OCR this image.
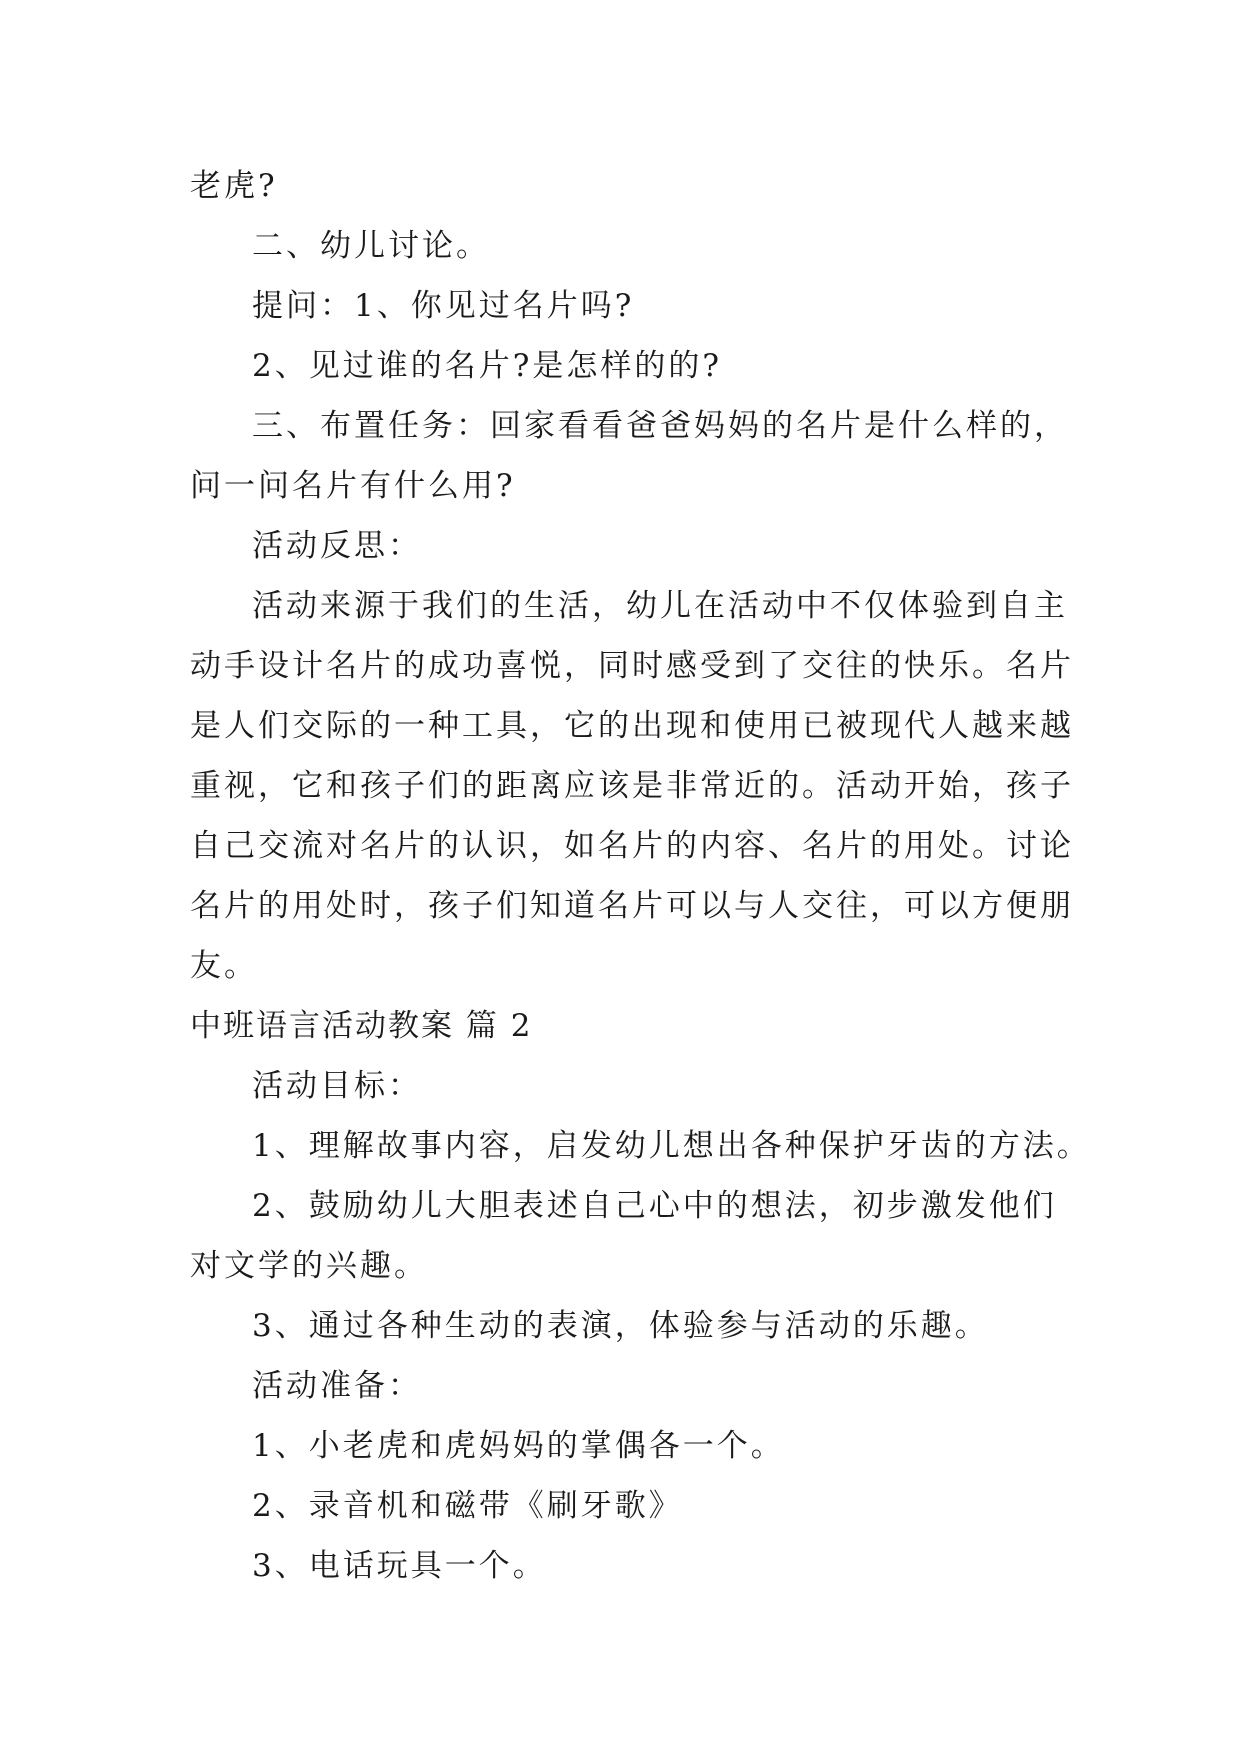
老虎?
二、幼儿讨论。
提问：1、你见过名片吗?
2、见过谁的名片?是怎样的的?
三、布置任务：回家看看爸爸妈妈的名片是什么样的，
问一问名片有什么用?
活动反思：
活动来源于我们的生活，幼儿在活动中不仅体验到自主
动手设计名片的成功喜悦，同时感受到了交往的快乐。名片
是人们交际的一种工具，它的出现和使用已被现代人越来越
重视，它和孩子们的距离应该是非常近的。活动开始，孩子
自己交流对名片的认识，如名片的内容、名片的用处。讨论
名片的用处时，孩子们知道名片可以与人交往，可以方便朋
友。
中班语言活动教案 篇 2
活动目标：
1、理解故事内容，启发幼儿想出各种保护牙齿的方法。
2、鼓励幼儿大胆表述自己心中的想法，初步激发他们
对文学的兴趣。
3、通过各种生动的表演，体验参与活动的乐趣。
活动准备：
1、小老虎和虎妈妈的掌偶各一个。
2、录音机和磁带《刷牙歌》
3、电话玩具一个。
